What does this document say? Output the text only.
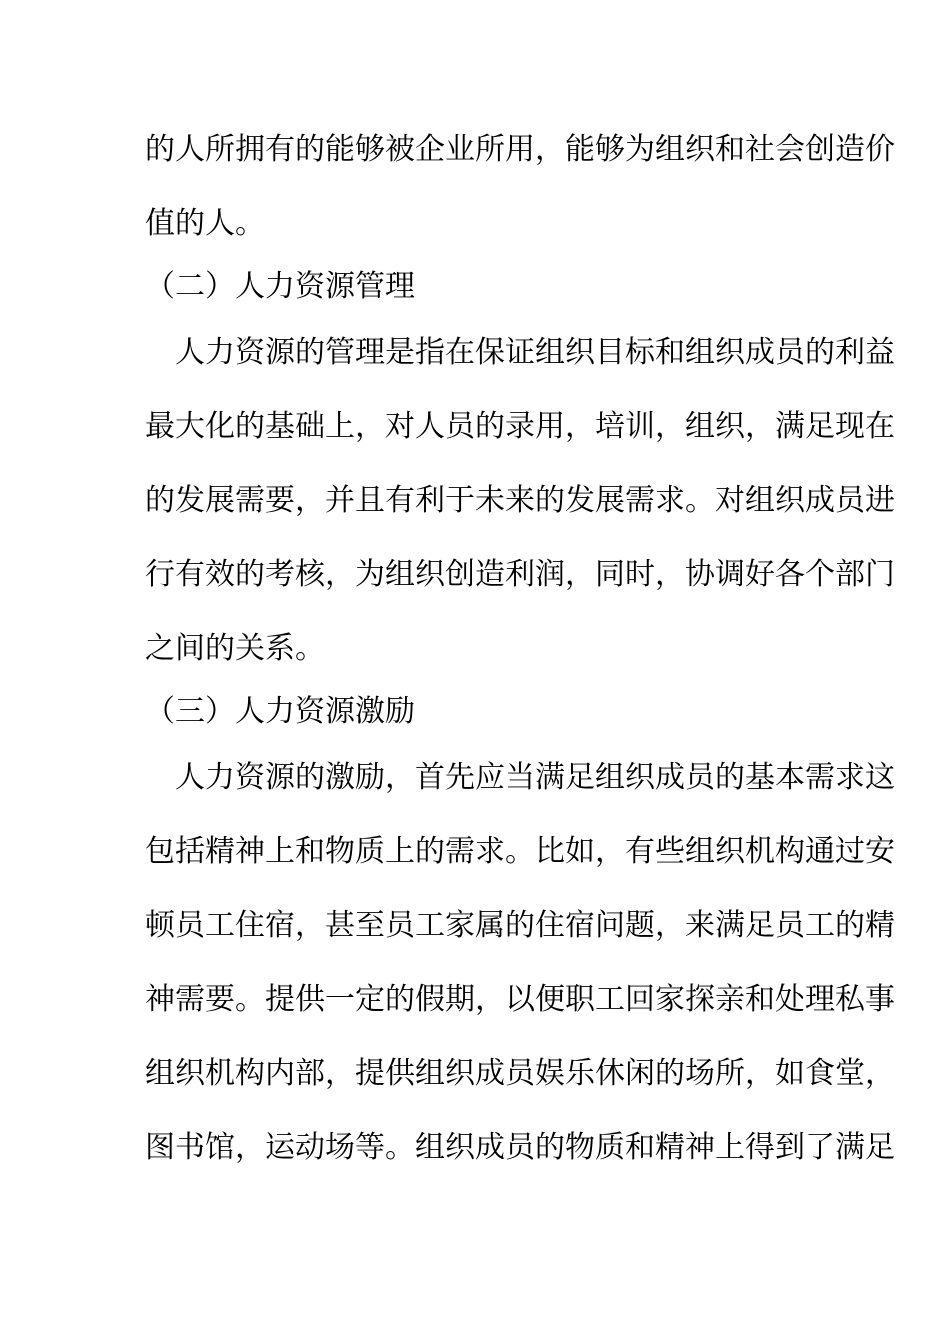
的人所拥有的能够被企业所用，能够为组织和社会创造价
值的人。
（二）人力资源管理
　人力资源的管理是指在保证组织目标和组织成员的利益
最大化的基础上，对人员的录用，培训，组织，满足现在
的发展需要，并且有利于未来的发展需求。对组织成员进
行有效的考核，为组织创造利润，同时，协调好各个部门
之间的关系。
（三）人力资源激励
　人力资源的激励，首先应当满足组织成员的基本需求这
包括精神上和物质上的需求。比如，有些组织机构通过安
顿员工住宿，甚至员工家属的住宿问题，来满足员工的精
神需要。提供一定的假期，以便职工回家探亲和处理私事
组织机构内部，提供组织成员娱乐休闲的场所，如食堂，
图书馆，运动场等。组织成员的物质和精神上得到了满足
